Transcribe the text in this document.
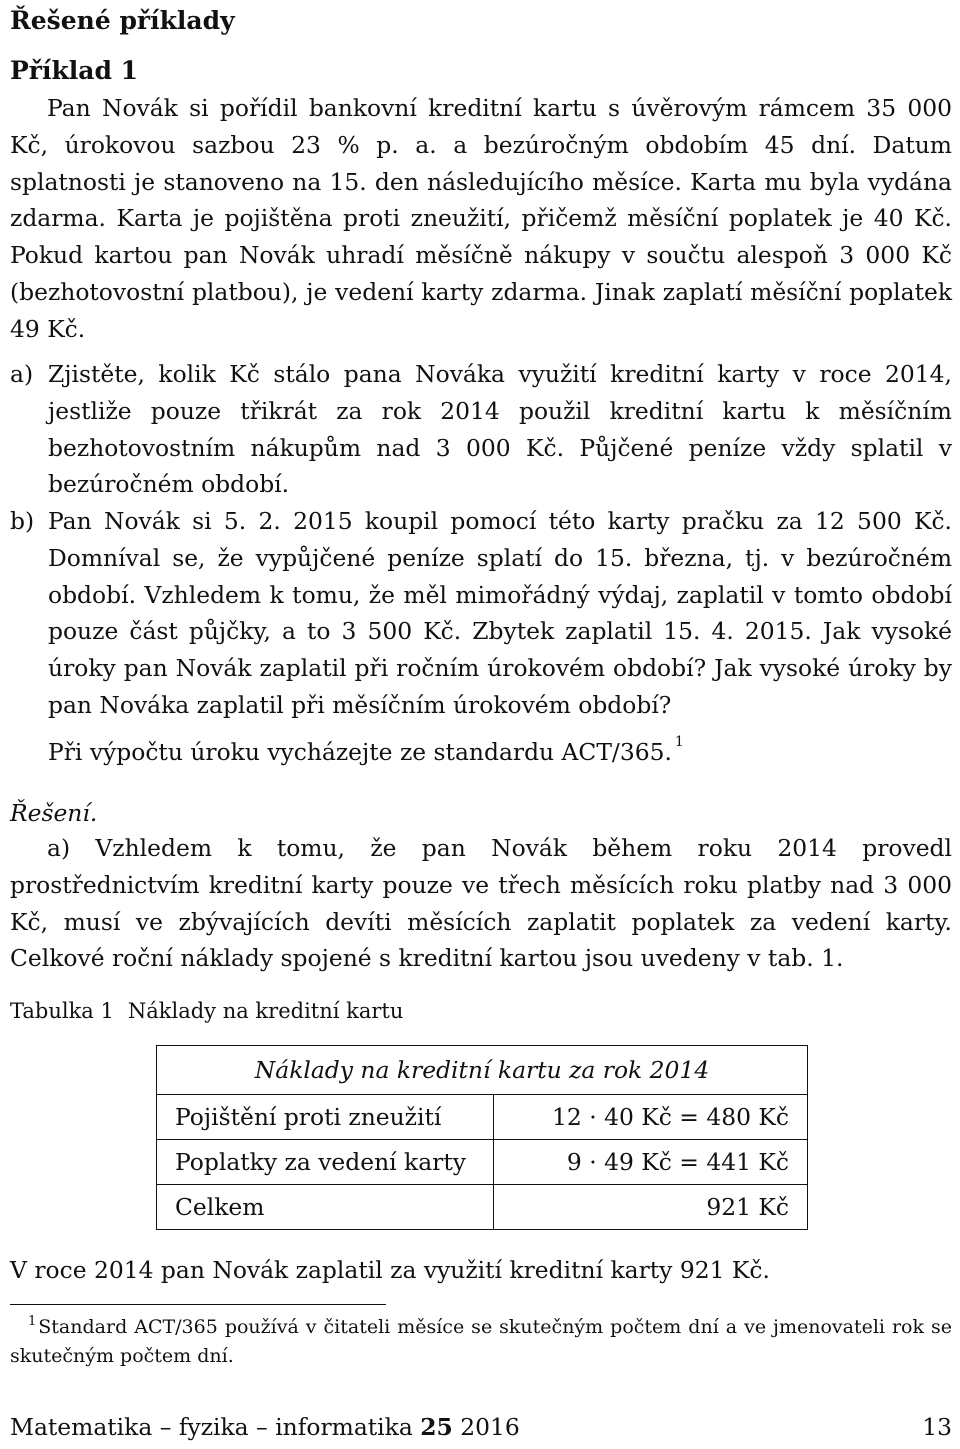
Řešené příklady
Příklad 1
Pan Novák si pořídil bankovní kreditní kartu s úvěrovým rámcem 35 000 Kč, úrokovou sazbou 23 % p. a. a bezúročným obdobím 45 dní. Datum splatnosti je stanoveno na 15. den následujícího měsíce. Karta mu byla vydána zdarma. Karta je pojištěna proti zneužití, přičemž měsíční poplatek je 40 Kč. Pokud kartou pan Novák uhradí měsíčně nákupy v součtu alespoň 3 000 Kč (bezhotovostní platbou), je vedení karty zdarma. Jinak zaplatí měsíční poplatek 49 Kč.
a) Zjistěte, kolik Kč stálo pana Nováka využití kreditní karty v roce 2014, jestliže pouze třikrát za rok 2014 použil kreditní kartu k měsíčním bezhotovostním nákupům nad 3 000 Kč. Půjčené peníze vždy splatil v bezúročném období.
b) Pan Novák si 5. 2. 2015 koupil pomocí této karty pračku za 12 500 Kč. Domníval se, že vypůjčené peníze splatí do 15. března, tj. v bezúročném období. Vzhledem k tomu, že měl mimořádný výdaj, zaplatil v tomto období pouze část půjčky, a to 3 500 Kč. Zbytek zaplatil 15. 4. 2015. Jak vysoké úroky pan Novák zaplatil při ročním úrokovém období? Jak vysoké úroky by pan Nováka zaplatil při měsíčním úrokovém období?
Při výpočtu úroku vycházejte ze standardu ACT/365. $^1$
Řešení.
a) Vzhledem k tomu, že pan Novák během roku 2014 provedl prostřednictvím kreditní karty pouze ve třech měsících roku platby nad 3 000 Kč, musí ve zbývajících devíti měsících zaplatit poplatek za vedení karty. Celkové roční náklady spojené s kreditní kartou jsou uvedeny v tab. 1.
Tabulka 1 Náklady na kreditní kartu
Náklady na kreditní kartu za rok 2014	
Pojištění proti zneužití	12 · 40 Kč = 480 Kč
Poplatky za vedení karty	9 · 49 Kč = 441 Kč
Celkem	921 Kč
V roce 2014 pan Novák zaplatil za využití kreditní karty 921 Kč.
$^1$ Standard ACT/365 používá v čitateli měsíce se skutečným počtem dní a ve jmenovateli rok se skutečným počtem dní.
Matematika – fyzika – informatika 25 2016	13
